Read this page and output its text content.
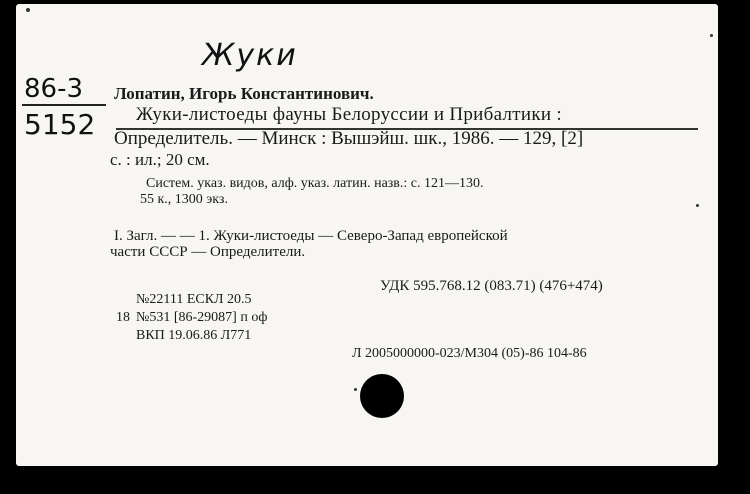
Жуки
86-3
5152
Лопатин, Игорь Константинович.
Жуки-листоеды фауны Белоруссии и Прибалтики :
Определитель. — Минск : Вышэйш. шк., 1986. — 129, [2]
с. : ил.; 20 см.
Систем. указ. видов, алф. указ. латин. назв.: с. 121—130.
55 к., 1300 экз.
I. Загл. — — 1. Жуки-листоеды — Северо-Запад европейской
части СССР — Определители.
УДК 595.768.12 (083.71) (476+474)
№22111 ЕСКЛ 20.5
18 №531 [86-29087] п оф
ВКП 19.06.86 Л771
Л 2005000000-023/М304 (05)-86 104-86
